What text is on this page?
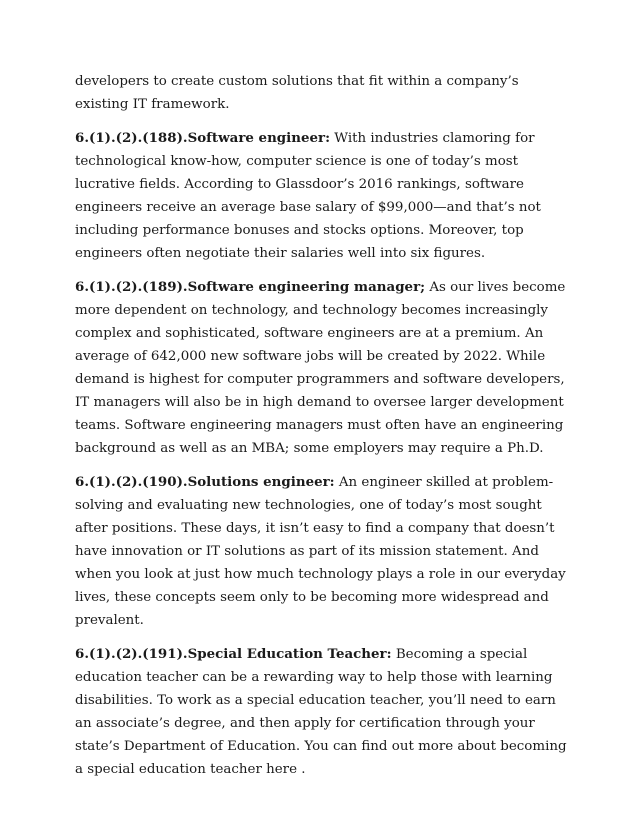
developers to create custom solutions that fit within a company’s existing IT framework.

6.(1).(2).(188).Software engineer: With industries clamoring for technological know-how, computer science is one of today’s most lucrative fields. According to Glassdoor’s 2016 rankings, software engineers receive an average base salary of $99,000—and that’s not including performance bonuses and stocks options. Moreover, top engineers often negotiate their salaries well into six figures.

6.(1).(2).(189).Software engineering manager; As our lives become more dependent on technology, and technology becomes increasingly complex and sophisticated, software engineers are at a premium. An average of 642,000 new software jobs will be created by 2022. While demand is highest for computer programmers and software developers, IT managers will also be in high demand to oversee larger development teams. Software engineering managers must often have an engineering background as well as an MBA; some employers may require a Ph.D.

6.(1).(2).(190).Solutions engineer: An engineer skilled at problem-solving and evaluating new technologies, one of today’s most sought after positions. These days, it isn’t easy to find a company that doesn’t have innovation or IT solutions as part of its mission statement. And when you look at just how much technology plays a role in our everyday lives, these concepts seem only to be becoming more widespread and prevalent.

6.(1).(2).(191).Special Education Teacher: Becoming a special education teacher can be a rewarding way to help those with learning disabilities. To work as a special education teacher, you’ll need to earn an associate’s degree, and then apply for certification through your state’s Department of Education. You can find out more about becoming a special education teacher here .
